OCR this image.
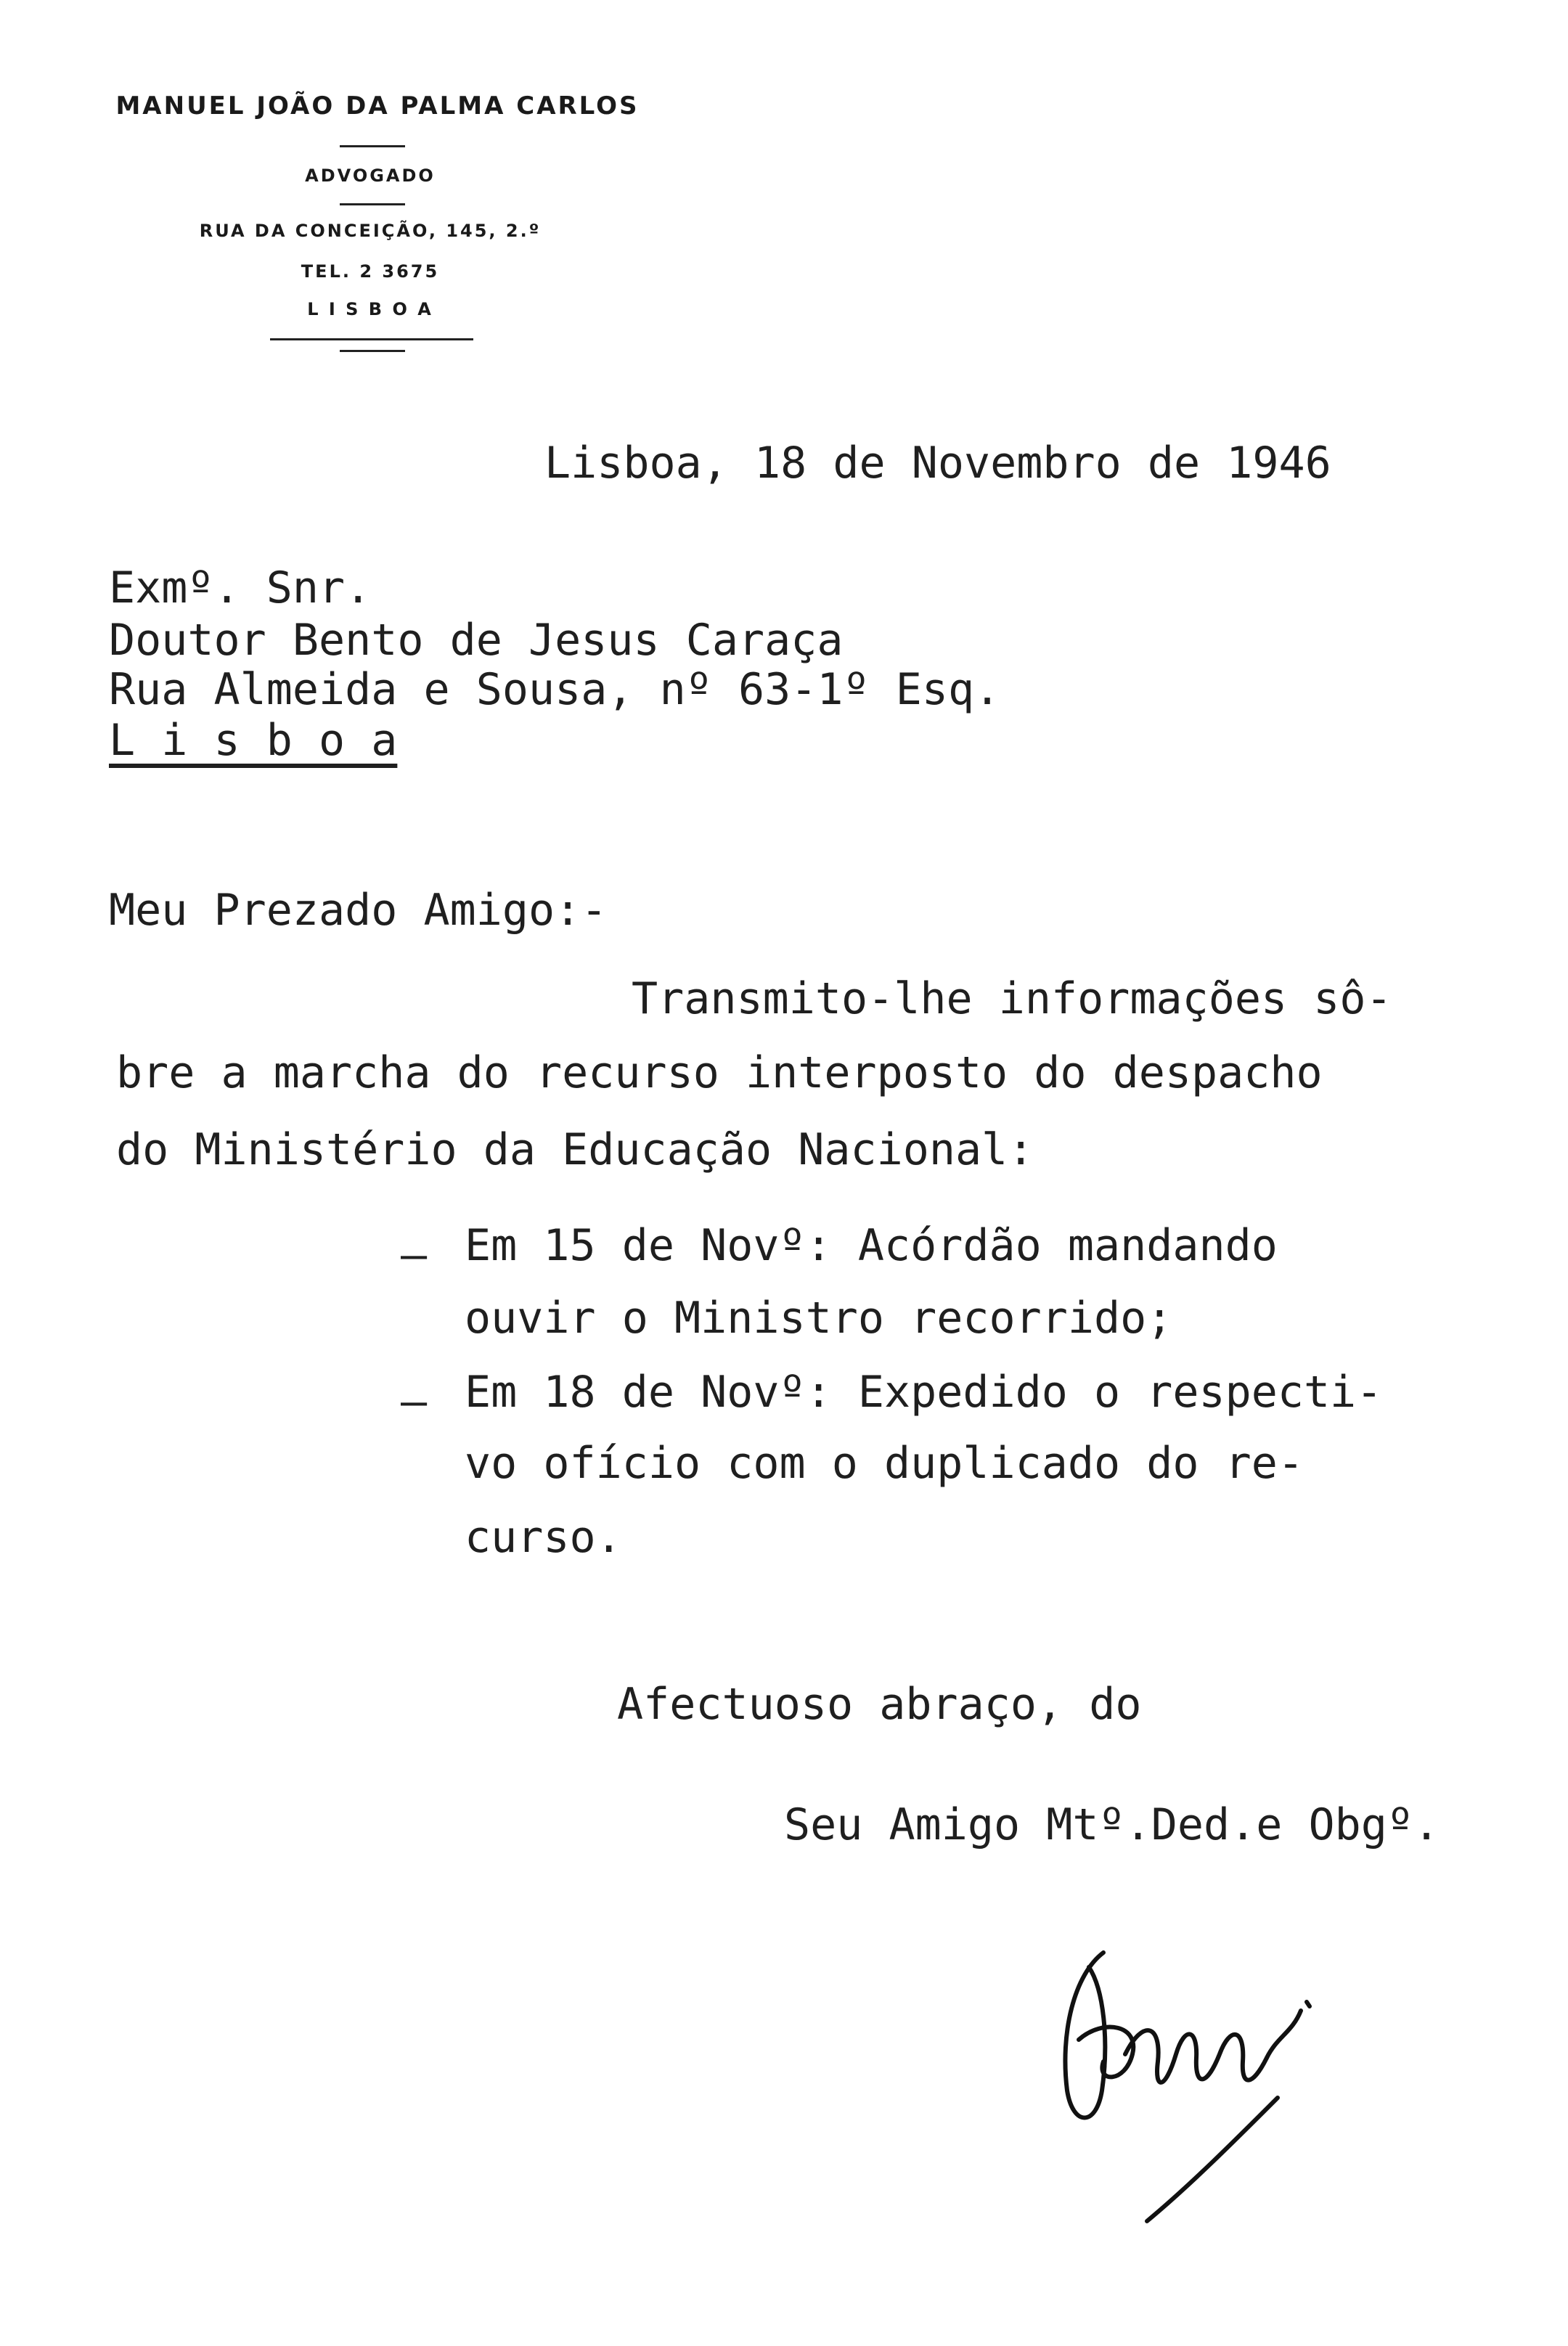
MANUEL JOÃO DA PALMA CARLOS
ADVOGADO
RUA DA CONCEIÇÃO, 145, 2.º
TEL. 2 3675
L I S B O A
Lisboa, 18 de Novembro de 1946
Exmº. Snr.
Doutor Bento de Jesus Caraça
Rua Almeida e Sousa, nº 63-1º Esq.
L i s b o a
Meu Prezado Amigo:-
Transmito-lhe informações sô-
bre a marcha do recurso interposto do despacho
do Ministério da Educação Nacional:
– Em 15 de Novº: Acórdão mandando
ouvir o Ministro recorrido;
– Em 18 de Novº: Expedido o respecti-
vo ofício com o duplicado do re-
curso.
Afectuoso abraço, do
Seu Amigo Mtº.Ded.e Obgº.
